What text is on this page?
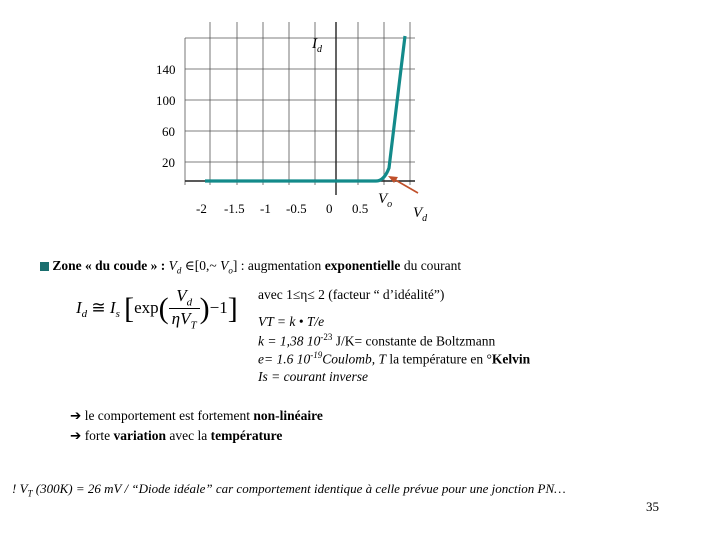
140
100
60
20
-2 -1.5 -1 -0.5 0 0.5
$I_d$
$V_o$
$V_d$
Zone « du coude » : $V_d$ ∈[0,~ $V_o$] : augmentation exponentielle du courant
$I_d$ ≅ $I_s$ $[\exp( \frac{V_d}{\eta V_T} )-1]$ avec 1≤η≤ 2 (facteur “ d’idéalité”)
VT = k • T/e
k = 1,38 $10^{-23}$ J/K= constante de Boltzmann
e= 1.6 $10^{-19}Coulomb$, T la température en °Kelvin
Is = courant inverse
➔ le comportement est fortement non-linéaire
➔ forte variation avec la température
! $V_T$ (300K) = 26 mV / “Diode idéale” car comportement identique à celle prévue pour une jonction PN…
35
